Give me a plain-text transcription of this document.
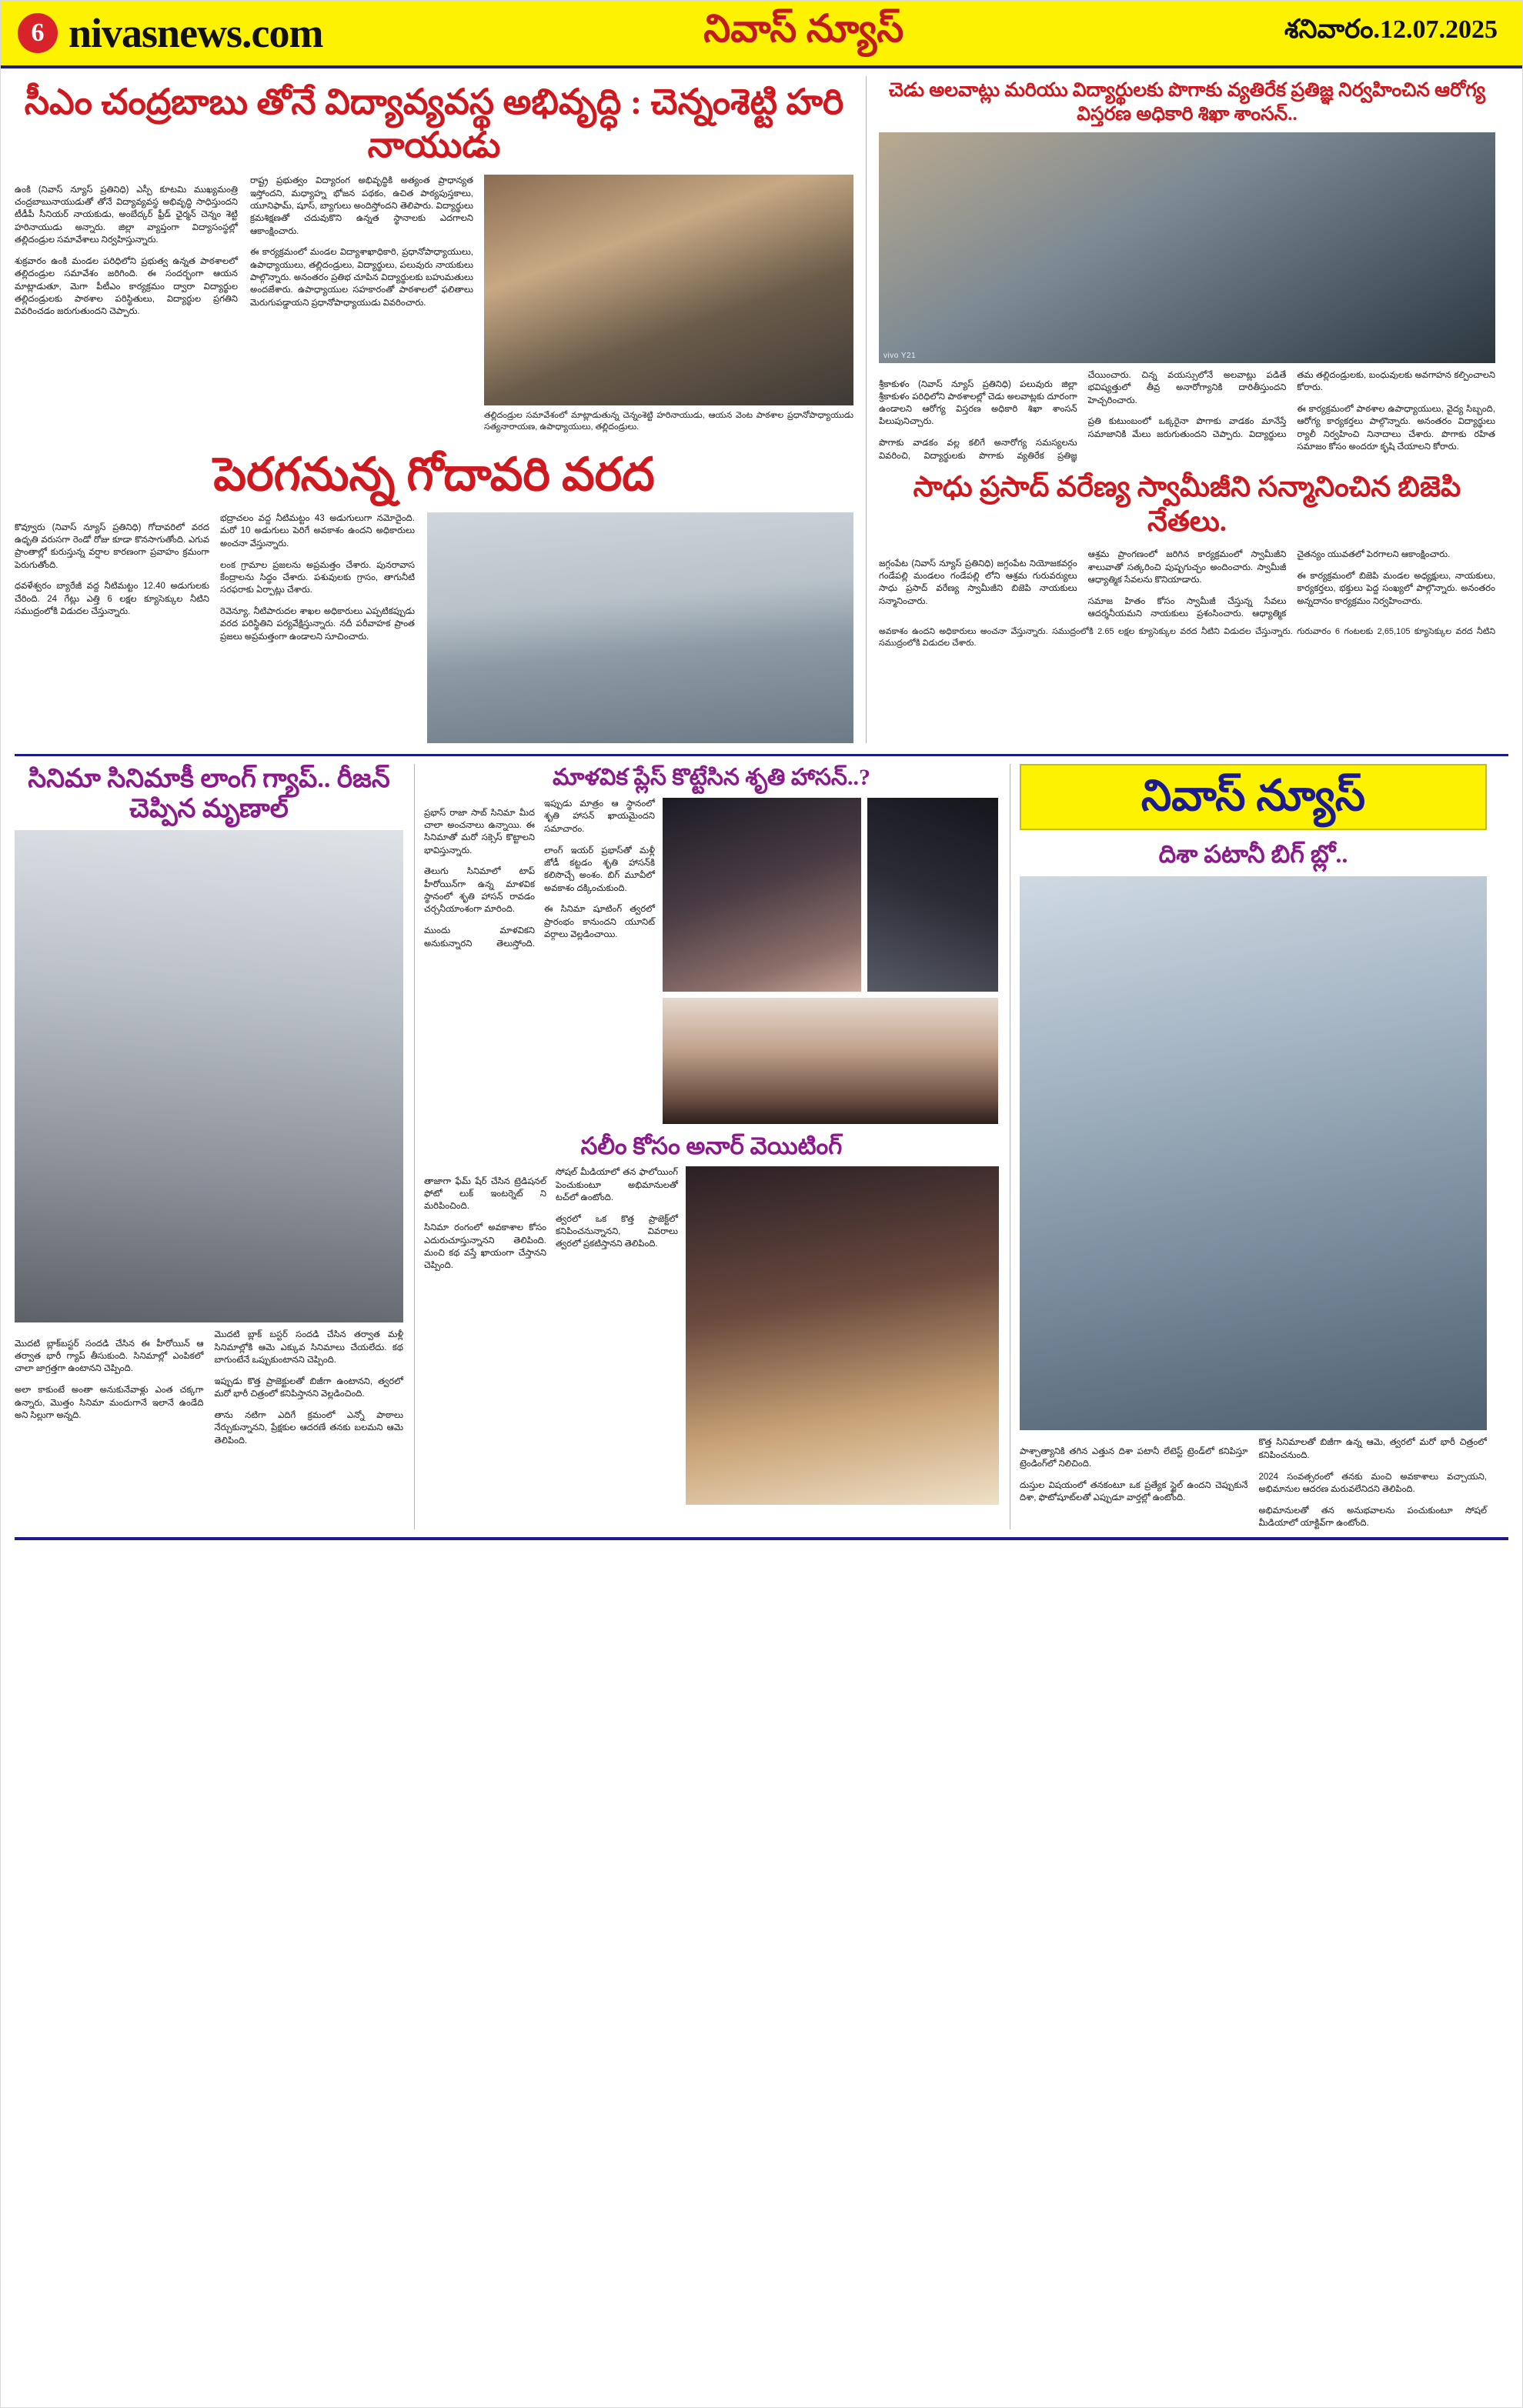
6 nivasnews.com	నివాస్ న్యూస్	శనివారం.12.07.2025
సీఎం చంద్రబాబు తోనే విద్యావ్యవస్థ అభివృద్ధి : చెన్నంశెట్టి హరి నాయుడు

ఉంకి (నివాస్ న్యూస్ ప్రతినిధి) ఎస్పీ కూటమి ముఖ్యమంత్రి చంద్రబాబునాయుడుతో తోనే విద్యావ్యవస్థ అభివృద్ధి సాధిస్తుందని టీడీపీ సీనియర్ నాయకుడు, అంబేద్కర్ ఫ్రీడ్ ఛైర్మన్ చెన్నం శెట్టి హరినాయుడు అన్నారు. జిల్లా వ్యాప్తంగా విద్యాసంస్థల్లో తల్లిదండ్రుల సమావేశాలు నిర్వహిస్తున్నారు.

శుక్రవారం ఉంకి మండల పరిధిలోని ప్రభుత్వ ఉన్నత పాఠశాలలో తల్లిదండ్రుల సమావేశం జరిగింది. ఈ సందర్భంగా ఆయన మాట్లాడుతూ, మెగా పీటీఎం కార్యక్రమం ద్వారా విద్యార్థుల తల్లిదండ్రులకు పాఠశాల పరిస్థితులు, విద్యార్థుల ప్రగతిని వివరించడం జరుగుతుందని చెప్పారు.

రాష్ట్ర ప్రభుత్వం విద్యారంగ అభివృద్ధికి అత్యంత ప్రాధాన్యత ఇస్తోందని, మధ్యాహ్న భోజన పథకం, ఉచిత పాఠ్యపుస్తకాలు, యూనిఫామ్, షూస్, బ్యాగులు అందిస్తోందని తెలిపారు. విద్యార్థులు క్రమశిక్షణతో చదువుకొని ఉన్నత స్థానాలకు ఎదగాలని ఆకాంక్షించారు.

ఈ కార్యక్రమంలో మండల విద్యాశాఖాధికారి, ప్రధానోపాధ్యాయులు, ఉపాధ్యాయులు, తల్లిదండ్రులు, విద్యార్థులు, పలువురు నాయకులు పాల్గొన్నారు. అనంతరం ప్రతిభ చూపిన విద్యార్థులకు బహుమతులు అందజేశారు. ఉపాధ్యాయుల సహకారంతో పాఠశాలలో ఫలితాలు మెరుగుపడ్డాయని ప్రధానోపాధ్యాయుడు వివరించారు.

తల్లిదండ్రుల సమావేశంలో మాట్లాడుతున్న చెన్నంశెట్టి హరినాయుడు, ఆయన వెంట పాఠశాల ప్రధానోపాధ్యాయుడు సత్యనారాయణ, ఉపాధ్యాయులు, తల్లిదండ్రులు.

పెరగనున్న గోదావరి వరద

కొవ్వూరు (నివాస్ న్యూస్ ప్రతినిధి) గోదావరిలో వరద ఉధృతి వరుసగా రెండో రోజు కూడా కొనసాగుతోంది. ఎగువ ప్రాంతాల్లో కురుస్తున్న వర్షాల కారణంగా ప్రవాహం క్రమంగా పెరుగుతోంది.

ధవళేశ్వరం బ్యారేజీ వద్ద నీటిమట్టం 12.40 అడుగులకు చేరింది. 24 గేట్లు ఎత్తి 6 లక్షల క్యూసెక్కుల నీటిని సముద్రంలోకి విడుదల చేస్తున్నారు.

భద్రాచలం వద్ద నీటిమట్టం 43 అడుగులుగా నమోదైంది. మరో 10 అడుగులు పెరిగే అవకాశం ఉందని అధికారులు అంచనా వేస్తున్నారు.

లంక గ్రామాల ప్రజలను అప్రమత్తం చేశారు. పునరావాస కేంద్రాలను సిద్ధం చేశారు. పశువులకు గ్రాసం, తాగునీటి సరఫరాకు ఏర్పాట్లు చేశారు.

రెవెన్యూ, నీటిపారుదల శాఖల అధికారులు ఎప్పటికప్పుడు వరద పరిస్థితిని పర్యవేక్షిస్తున్నారు. నదీ పరీవాహక ప్రాంత ప్రజలు అప్రమత్తంగా ఉండాలని సూచించారు.

చెడు అలవాట్లు మరియు విద్యార్థులకు పొగాకు వ్యతిరేక ప్రతిజ్ఞ నిర్వహించిన ఆరోగ్య విస్తరణ అధికారి శిఖా శాంసన్..
vivo Y21

శ్రీకాకుళం (నివాస్ న్యూస్ ప్రతినిధి) పలువురు జిల్లా శ్రీకాకుళం పరిధిలోని పాఠశాలల్లో చెడు అలవాట్లకు దూరంగా ఉండాలని ఆరోగ్య విస్తరణ అధికారి శిఖా శాంసన్ పిలుపునిచ్చారు.

పొగాకు వాడకం వల్ల కలిగే అనారోగ్య సమస్యలను వివరించి, విద్యార్థులకు పొగాకు వ్యతిరేక ప్రతిజ్ఞ చేయించారు. చిన్న వయస్సులోనే అలవాట్లు పడితే భవిష్యత్తులో తీవ్ర అనారోగ్యానికి దారితీస్తుందని హెచ్చరించారు.

ప్రతి కుటుంబంలో ఒక్కరైనా పొగాకు వాడకం మానేస్తే సమాజానికి మేలు జరుగుతుందని చెప్పారు. విద్యార్థులు తమ తల్లిదండ్రులకు, బంధువులకు అవగాహన కల్పించాలని కోరారు.

ఈ కార్యక్రమంలో పాఠశాల ఉపాధ్యాయులు, వైద్య సిబ్బంది, ఆరోగ్య కార్యకర్తలు పాల్గొన్నారు. అనంతరం విద్యార్థులు ర్యాలీ నిర్వహించి నినాదాలు చేశారు. పొగాకు రహిత సమాజం కోసం అందరూ కృషి చేయాలని కోరారు.

సాధు ప్రసాద్ వరేణ్య స్వామీజీని సన్మానించిన బిజెపి నేతలు.

జగ్గంపేట (నివాస్ న్యూస్ ప్రతినిధి) జగ్గంపేట నియోజకవర్గం గండేపల్లి మండలం గండేపల్లి లోని ఆశ్రమ గురువర్యులు సాధు ప్రసాద్ వరేణ్య స్వామీజీని బిజెపి నాయకులు సన్మానించారు.

ఆశ్రమ ప్రాంగణంలో జరిగిన కార్యక్రమంలో స్వామీజీని శాలువాతో సత్కరించి పుష్పగుచ్ఛం అందించారు. స్వామీజీ ఆధ్యాత్మిక సేవలను కొనియాడారు.

సమాజ హితం కోసం స్వామీజీ చేస్తున్న సేవలు ఆదర్శనీయమని నాయకులు ప్రశంసించారు. ఆధ్యాత్మిక చైతన్యం యువతలో పెరగాలని ఆకాంక్షించారు.

ఈ కార్యక్రమంలో బిజెపి మండల అధ్యక్షులు, నాయకులు, కార్యకర్తలు, భక్తులు పెద్ద సంఖ్యలో పాల్గొన్నారు. అనంతరం అన్నదానం కార్యక్రమం నిర్వహించారు.

అవకాశం ఉందని అధికారులు అంచనా వేస్తున్నారు. సముద్రంలోకి 2.65 లక్షల క్యూసెక్కుల వరద నీటిని విడుదల చేస్తున్నారు. గురువారం 6 గంటలకు 2,65,105 క్యూసెక్కుల వరద నీటిని సముద్రంలోకి విడుదల చేశారు.

సినిమా సినిమాకీ లాంగ్ గ్యాప్.. రీజన్ చెప్పిన మృణాల్

మొదటి బ్లాక్‌బస్టర్ సందడి చేసిన ఈ హీరోయిన్ ఆ తర్వాత భారీ గ్యాప్ తీసుకుంది. సినిమాల్లో ఎంపికలో చాలా జాగ్రత్తగా ఉంటానని చెప్పింది.

అలా కాకుంటే అంతా అనుకునేవాళ్లు ఎంత చక్కగా ఉన్నారు, మొత్తం సినిమా మందుగానే ఇలానే ఉండేది అని సిల్లుగా అన్నది.

మొదటి బ్లాక్ బస్టర్ సందడి చేసిన తర్వాత మళ్లీ సినిమాల్లోకి ఆమె ఎక్కువ సినిమాలు చేయలేదు. కథ బాగుంటేనే ఒప్పుకుంటానని చెప్పింది.

ఇప్పుడు కొత్త ప్రాజెక్టులతో బిజీగా ఉంటానని, త్వరలో మరో భారీ చిత్రంలో కనిపిస్తానని వెల్లడించింది.

తాను నటిగా ఎదిగే క్రమంలో ఎన్నో పాఠాలు నేర్చుకున్నానని, ప్రేక్షకుల ఆదరణే తనకు బలమని ఆమె తెలిపింది.

మాళవిక ప్లేస్ కొట్టేసిన శృతి హాసన్..?

ప్రభాస్ రాజా సాబ్ సినిమా మీద చాలా అంచనాలు ఉన్నాయి. ఈ సినిమాతో మరో సక్సెస్ కొట్టాలని భావిస్తున్నారు.

తెలుగు సినిమాలో టాప్ హీరోయిన్‌గా ఉన్న మాళవిక స్థానంలో శృతి హాసన్ రావడం చర్చనీయాంశంగా మారింది.

ముందు మాళవికని అనుకున్నారని తెలుస్తోంది. ఇప్పుడు మాత్రం ఆ స్థానంలో శృతి హాసన్ ఖాయమైందని సమాచారం.

లాంగ్ ఇయర్ ప్రభాస్‌తో మళ్లీ జోడీ కట్టడం శృతి హాసన్‌కి కలిసొచ్చే అంశం. బిగ్ మూవీలో అవకాశం దక్కించుకుంది.

ఈ సినిమా షూటింగ్ త్వరలో ప్రారంభం కానుందని యూనిట్ వర్గాలు వెల్లడించాయి.

సలీం కోసం అనార్ వెయిటింగ్

తాజాగా ఫేమ్ షేర్ చేసిన ట్రెడిషనల్ ఫోటో లుక్ ఇంటర్నెట్ ని మరిపించింది.

సినిమా రంగంలో అవకాశాల కోసం ఎదురుచూస్తున్నానని తెలిపింది. మంచి కథ వస్తే ఖాయంగా చేస్తానని చెప్పింది.

సోషల్ మీడియాలో తన ఫాలోయింగ్ పెంచుకుంటూ అభిమానులతో టచ్‌లో ఉంటోంది.

త్వరలో ఒక కొత్త ప్రాజెక్ట్‌లో కనిపించనున్నానని, వివరాలు త్వరలో ప్రకటిస్తానని తెలిపింది.

నివాస్ న్యూస్
దిశా పటానీ బిగ్ బ్లో..

పాశ్చాత్యానికి తగిన ఎత్తున దిశా పటానీ లేటెస్ట్ ట్రెండ్‌లో కనిపిస్తూ ట్రెండింగ్‌లో నిలిచింది.

దుస్తుల విషయంలో తనకంటూ ఒక ప్రత్యేక స్టైల్ ఉందని చెప్పుకునే దిశా, ఫొటోషూట్‌లతో ఎప్పుడూ వార్తల్లో ఉంటోంది.

కొత్త సినిమాలతో బిజీగా ఉన్న ఆమె, త్వరలో మరో భారీ చిత్రంలో కనిపించనుంది.

2024 సంవత్సరంలో తనకు మంచి అవకాశాలు వచ్చాయని, అభిమానుల ఆదరణ మరువలేనిదని తెలిపింది.

అభిమానులతో తన అనుభవాలను పంచుకుంటూ సోషల్ మీడియాలో యాక్టివ్‌గా ఉంటోంది.
